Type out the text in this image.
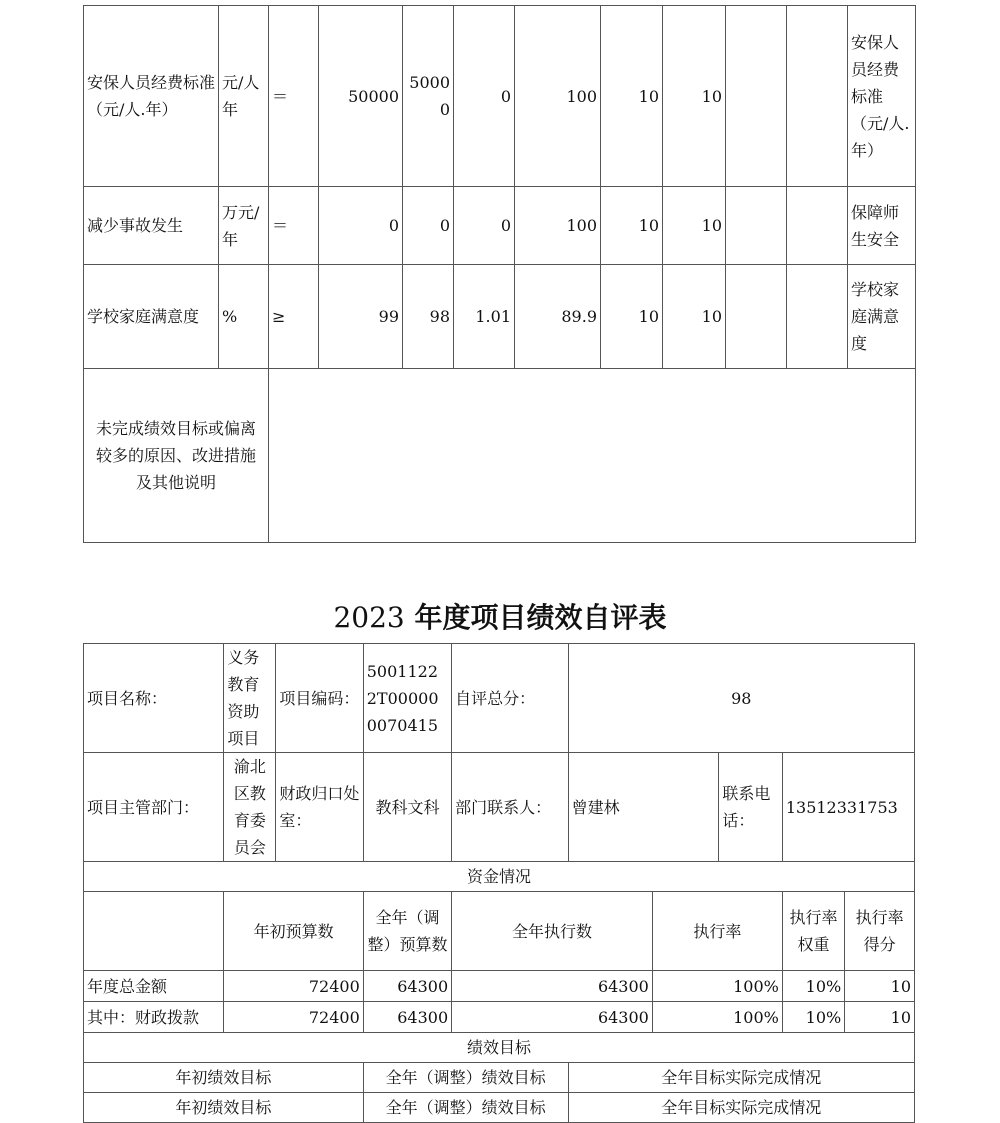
安保人员经费标准（元/人.年）	元/人年	＝	50000	50000	0	100	10	10			安保人员经费标准（元/人.年）
减少事故发生	万元/年	＝	0	0	0	100	10	10			保障师生安全
学校家庭满意度	%	≥	99	98	1.01	89.9	10	10			学校家庭满意度
未完成绩效目标或偏离较多的原因、改进措施及其他说明											
2023 年度项目绩效自评表
项目名称：	义务教育资助项目	项目编码：	50011222T000000070415	自评总分：	98				
项目主管部门：	渝北区教育委员会	财政归口处室：	教科文科	部门联系人：	曾建林		联系电话：	13512331753	
资金情况									
	年初预算数		全年（调整）预算数	全年执行数		执行率		执行率权重	执行率得分
年度总金额	72400		64300	64300		100%		10%	10
其中：财政拨款	72400		64300	64300		100%		10%	10
绩效目标									
年初绩效目标			全年（调整）绩效目标		全年目标实际完成情况				
年初绩效目标			全年（调整）绩效目标		全年目标实际完成情况				
